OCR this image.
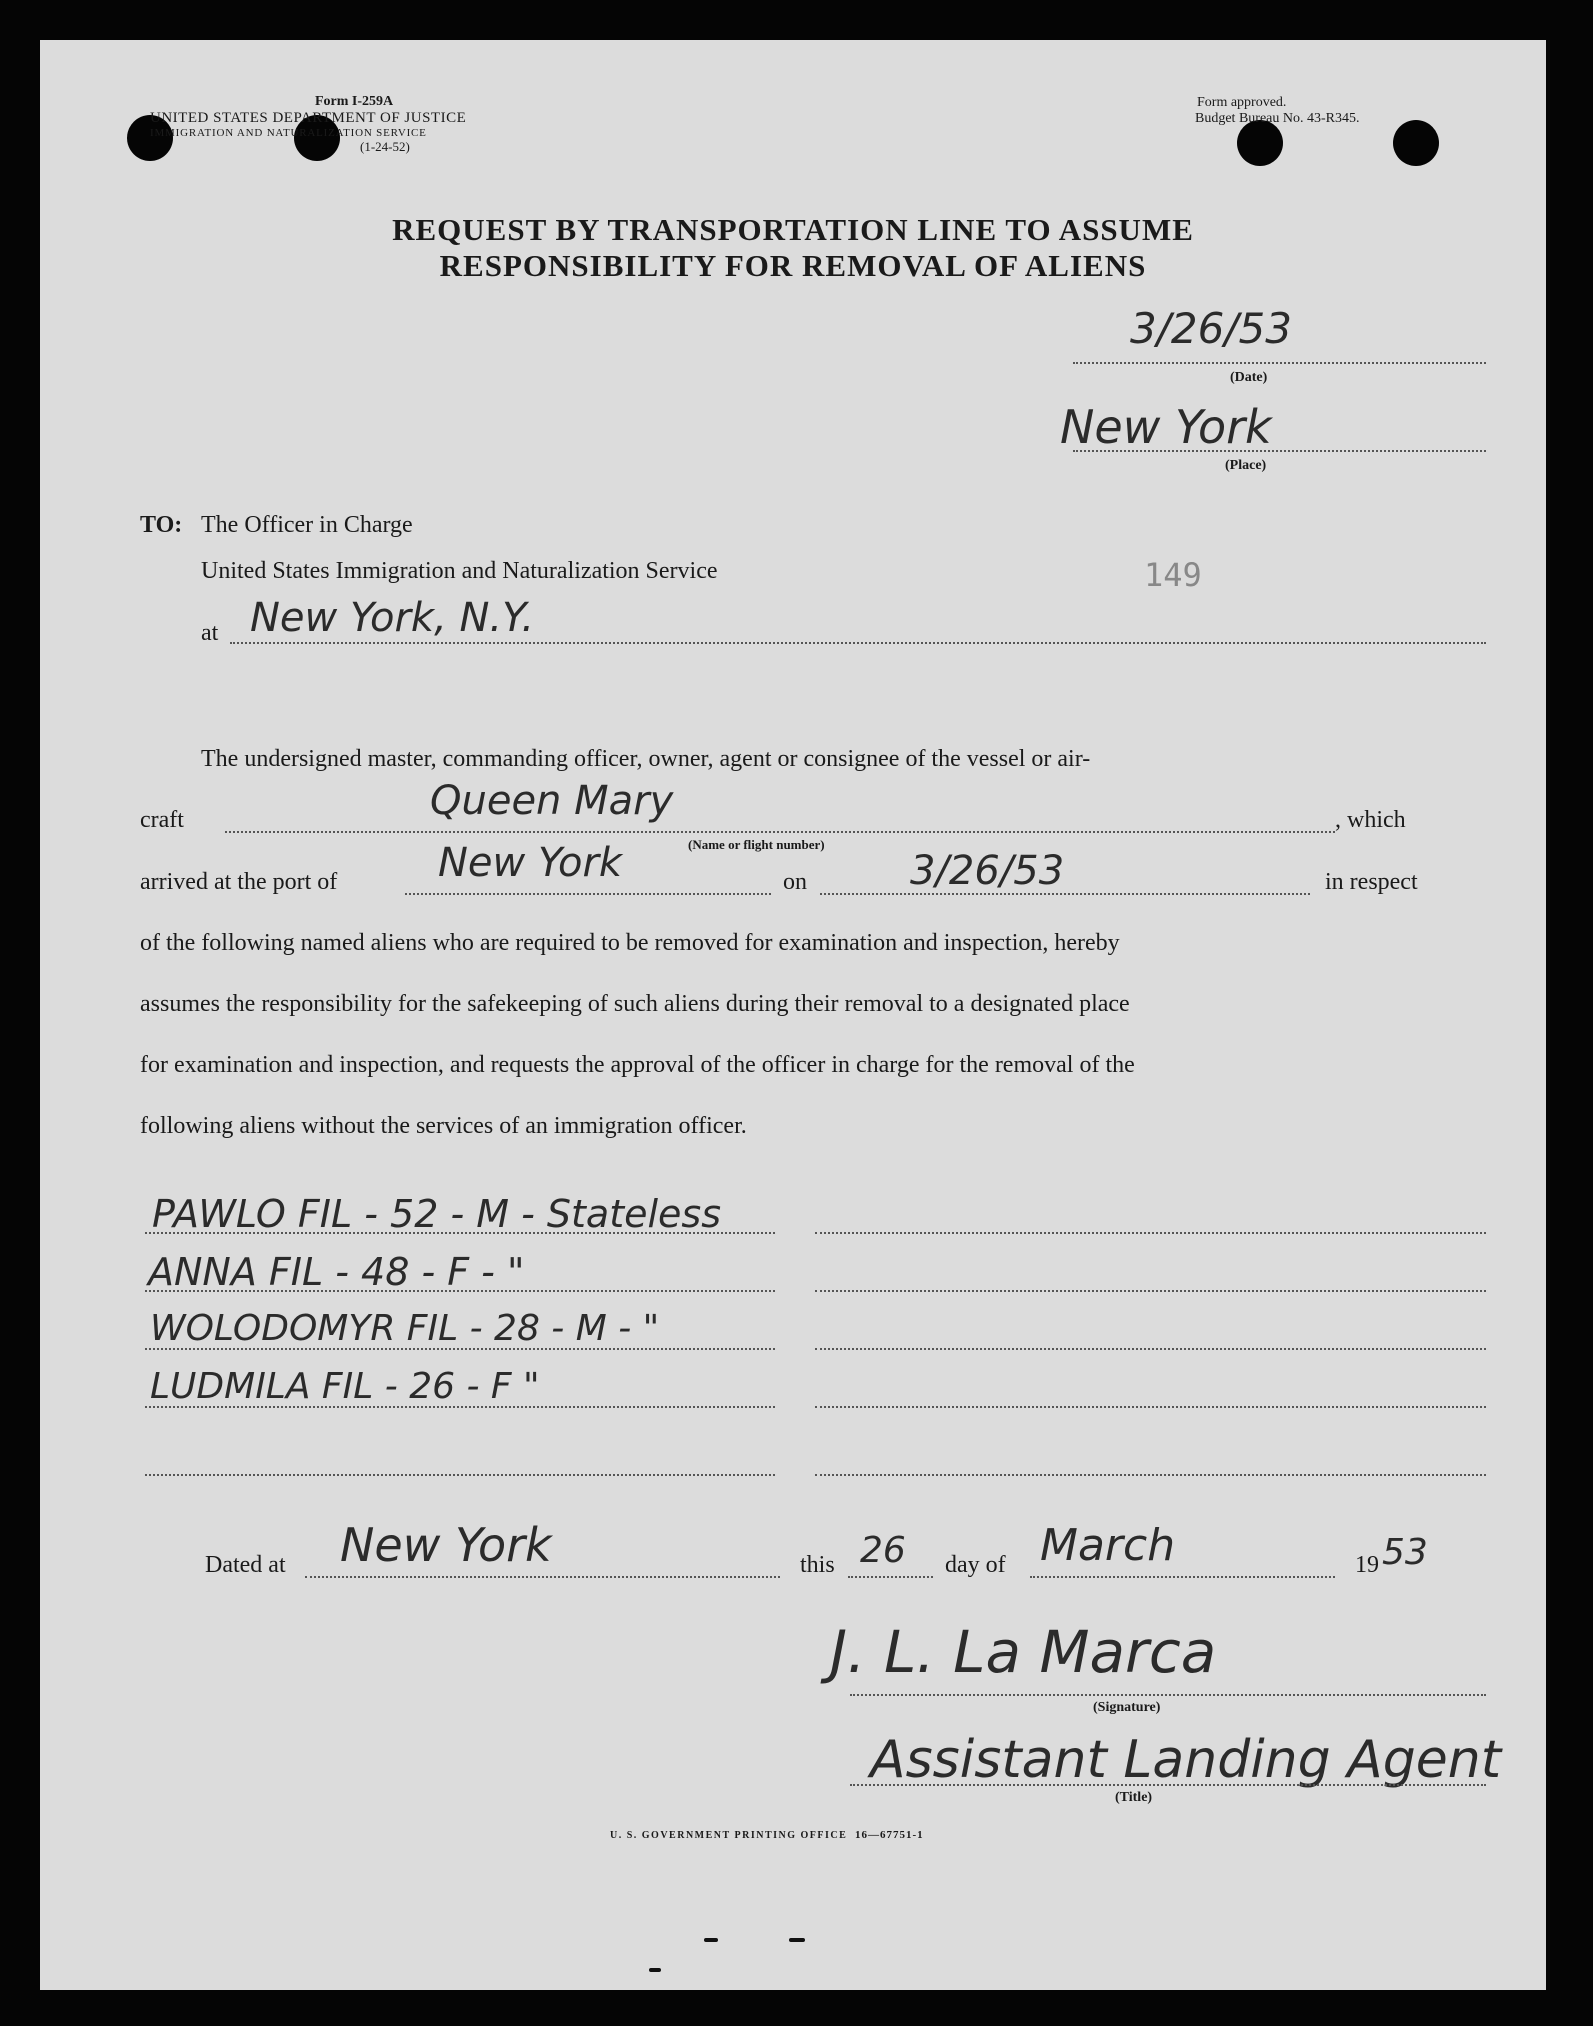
Form I-259A
UNITED STATES DEPARTMENT OF JUSTICE
IMMIGRATION AND NATURALIZATION SERVICE
(1-24-52)
Form approved.
Budget Bureau No. 43-R345.
REQUEST BY TRANSPORTATION LINE TO ASSUME
RESPONSIBILITY FOR REMOVAL OF ALIENS
3/26/53
(Date)
New York
(Place)
TO: The Officer in Charge
United States Immigration and Naturalization Service	149
at New York, N.Y.
The undersigned master, commanding officer, owner, agent or consignee of the vessel or air-
craft	Queen Mary
(Name or flight number)
, which
arrived at the port of	New York	on	3/26/53	in respect
of the following named aliens who are required to be removed for examination and inspection, hereby
assumes the responsibility for the safekeeping of such aliens during their removal to a designated place
for examination and inspection, and requests the approval of the officer in charge for the removal of the
following aliens without the services of an immigration officer.
PAWLO FIL - 52 - M - Stateless
ANNA FIL - 48 - F - "
WOLODOMYR FIL - 28 - M - "
LUDMILA FIL - 26 - F "
Dated at New York	this 26 day of March	19 53
J. L. La Marca
(Signature)
Assistant Landing Agent
(Title)
U. S. GOVERNMENT PRINTING OFFICE 16—67751-1
